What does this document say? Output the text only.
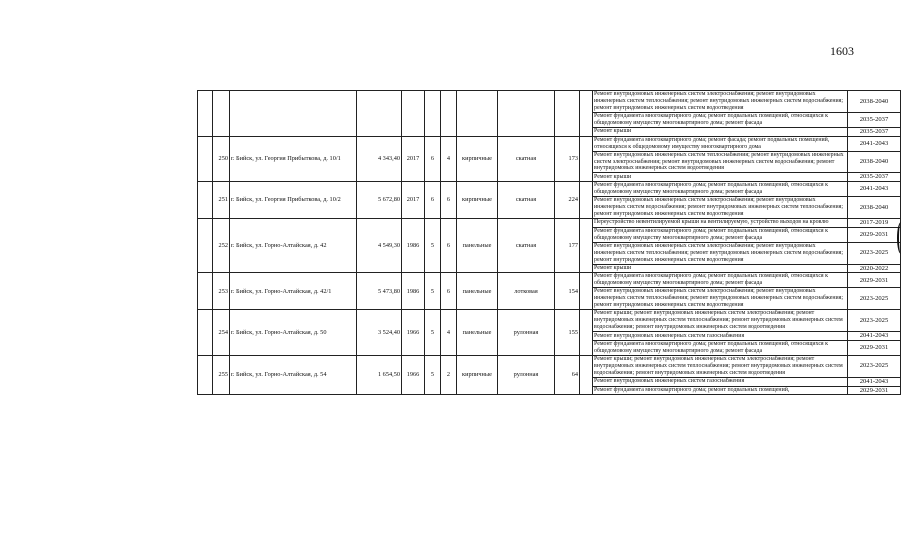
1603
											Ремонт внутридомовых инженерных систем электроснабжения; ремонт внутридомовых инженерных систем теплоснабжения; ремонт внутридомовых инженерных систем водоснабжения; ремонт внутридомовых инженерных систем водоотведения	2038-2040
											Ремонт фундамента многоквартирного дома; ремонт подвальных помещений, относящихся к общедомовому имуществу многоквартирного дома; ремонт фасада	2035-2037
											Ремонт крыши	2035-2037
	250	г. Бийск, ул. Георгия Прибыткова, д. 10/1	4 343,40	2017	6	4	кирпичные	скатная	173		Ремонт фундамента многоквартирного дома; ремонт фасада; ремонт подвальных помещений, относящихся к общедомовому имуществу многоквартирного дома	2041-2043
											Ремонт внутридомовых инженерных систем теплоснабжения; ремонт внутридомовых инженерных систем электроснабжения; ремонт внутридомовых инженерных систем водоснабжения; ремонт внутридомовых инженерных систем водоотведения	2038-2040
											Ремонт крыши	2035-2037
	251	г. Бийск, ул. Георгия Прибыткова, д. 10/2	5 672,80	2017	6	6	кирпичные	скатная	224		Ремонт фундамента многоквартирного дома; ремонт подвальных помещений, относящихся к общедомовому имуществу многоквартирного дома; ремонт фасада	2041-2043
											Ремонт внутридомовых инженерных систем электроснабжения; ремонт внутридомовых инженерных систем водоснабжения; ремонт внутридомовых инженерных систем теплоснабжения; ремонт внутридомовых инженерных систем водоотведения	2038-2040
	252	г. Бийск, ул. Горно-Алтайская, д. 42	4 549,30	1986	5	6	панельные	скатная	177		Переустройство невентилируемой крыши на вентилируемую, устройство выходов на кровлю	2017-2019
											Ремонт фундамента многоквартирного дома; ремонт подвальных помещений, относящихся к общедомовому имуществу многоквартирного дома; ремонт фасада	2029-2031
											Ремонт внутридомовых инженерных систем электроснабжения; ремонт внутридомовых инженерных систем теплоснабжения; ремонт внутридомовых инженерных систем водоснабжения; ремонт внутридомовых инженерных систем водоотведения	2023-2025
											Ремонт крыши	2020-2022
	253	г. Бийск, ул. Горно-Алтайская, д. 42/1	5 473,80	1986	5	6	панельные	лотковая	154		Ремонт фундамента многоквартирного дома; ремонт подвальных помещений, относящихся к общедомовому имуществу многоквартирного дома; ремонт фасада	2029-2031
											Ремонт внутридомовых инженерных систем электроснабжения; ремонт внутридомовых инженерных систем теплоснабжения; ремонт внутридомовых инженерных систем водоснабжения; ремонт внутридомовых инженерных систем водоотведения	2023-2025
	254	г. Бийск, ул. Горно-Алтайская, д. 50	3 524,40	1966	5	4	панельные	рулонная	155		Ремонт крыши; ремонт внутридомовых инженерных систем электроснабжения; ремонт внутридомовых инженерных систем теплоснабжения; ремонт внутридомовых инженерных систем водоснабжения; ремонт внутридомовых инженерных систем водоотведения	2023-2025
											Ремонт внутридомовых инженерных систем газоснабжения	2041-2043
											Ремонт фундамента многоквартирного дома; ремонт подвальных помещений, относящихся к общедомовому имуществу многоквартирного дома; ремонт фасада	2029-2031
	255	г. Бийск, ул. Горно-Алтайская, д. 54	1 654,50	1966	5	2	кирпичные	рулонная	64		Ремонт крыши; ремонт внутридомовых инженерных систем электроснабжения; ремонт внутридомовых инженерных систем теплоснабжения; ремонт внутридомовых инженерных систем водоснабжения; ремонт внутридомовых инженерных систем водоотведения	2023-2025
											Ремонт внутридомовых инженерных систем газоснабжения	2041-2043
											Ремонт фундамента многоквартирного дома; ремонт подвальных помещений,	2029-2031
